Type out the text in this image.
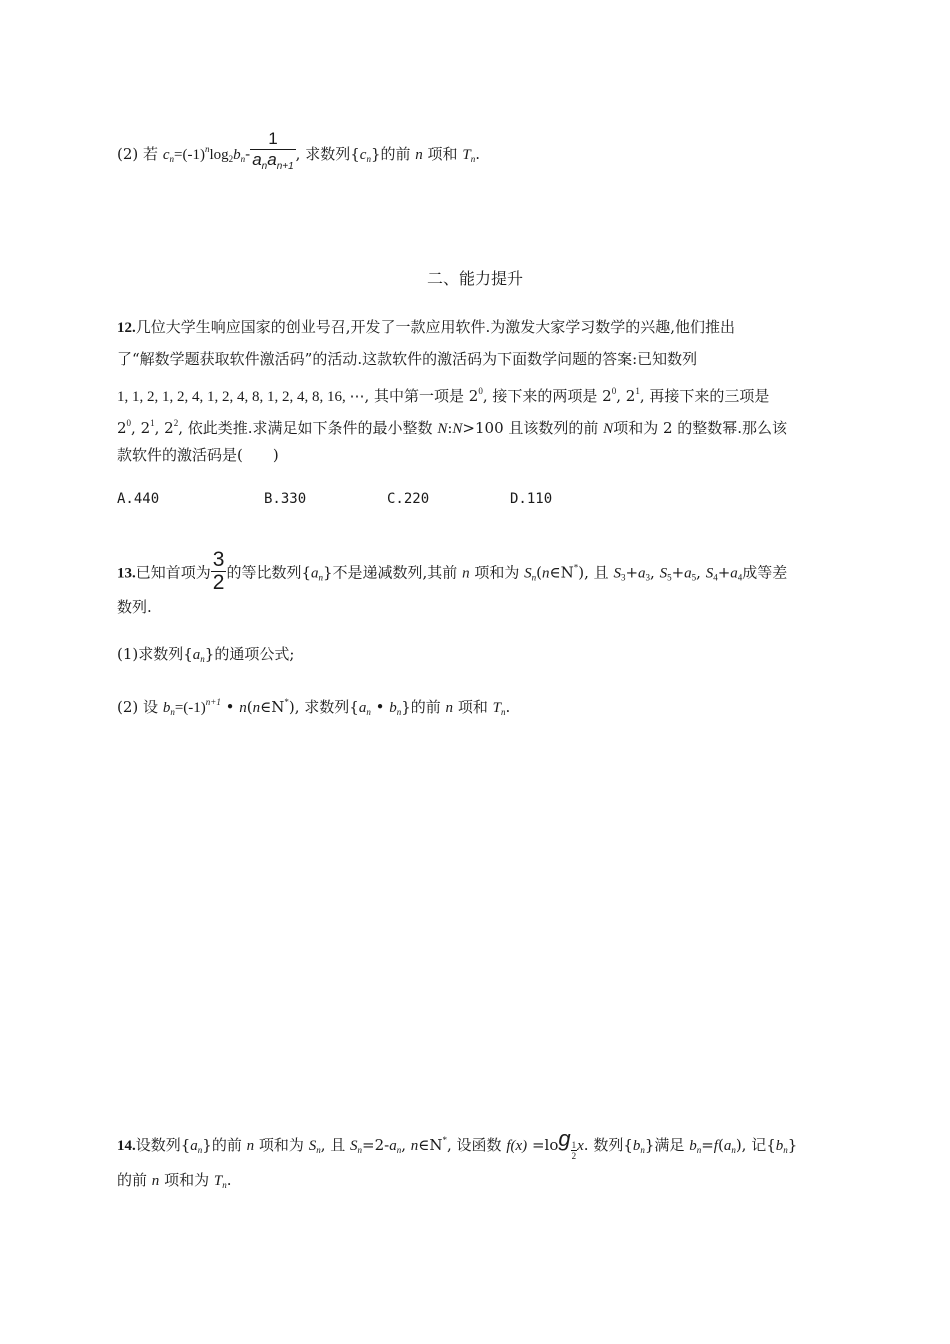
(2) 若 $c_n=(-1)^n\log_2b_n- \frac{1}{a_na_{n+1}}$ , 求数列$\{c_n\}$的前 n 项和 $T_n$.
二、能力提升
12.几位大学生响应国家的创业号召,开发了一款应用软件.为激发大家学习数学的兴趣,他们推出
了“解数学题获取软件激活码”的活动.这款软件的激活码为下面数学问题的答案:已知数列
1, 1, 2, 1, 2, 4, 1, 2, 4, 8, 1, 2, 4, 8, 16, ⋯, 其中第一项是 $2^0$, 接下来的两项是 $2^0$, $2^1$, 再接下来的三项是
$2^0$, $2^1$, $2^2$, 依此类推.求满足如下条件的最小整数 N:N>100 且该数列的前 N项和为 2 的整数幂.那么该
款软件的激活码是(　　)
A.440	B.330	C.220	D.110
13.已知首项为 $\frac{3}{2}$ 的等比数列$\{a_n\}$不是递减数列,其前 n 项和为 $S_n(n\in N^*)$, 且 $S_3+a_3$, $S_5+a_5$, $S_4+a_4$成等差
数列.
(1)求数列$\{a_n\}$的通项公式;
(2) 设 $b_n=(-1)^{n+1}$ • n(n∈N*), 求数列{$a_n$ • $b_n$}的前 n 项和 $T_n$.
14.设数列$\{a_n\}$的前 n 项和为 $S_n$, 且 $S_n=2-a_n$, n∈N*, 设函数 $f(x) =\log \frac{1}{2} x$. 数列$\{b_n\}$满足 $b_n=f(a_n)$, 记$\{b_n\}$
的前 n 项和为 $T_n$.
